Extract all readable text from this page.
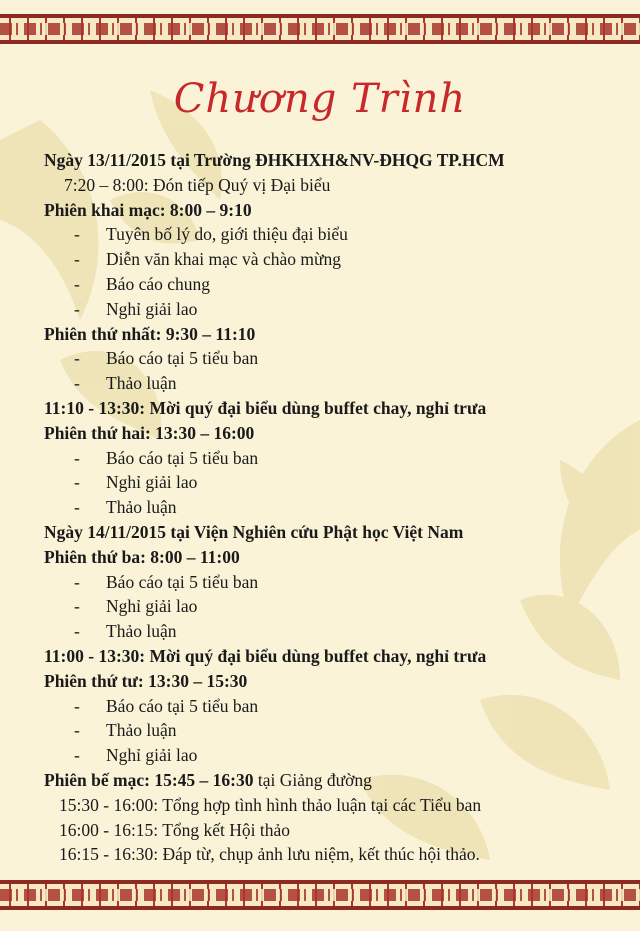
Chương Trình
Ngày 13/11/2015 tại Trường ĐHKHXH&NV-ĐHQG TP.HCM
7:20 – 8:00: Đón tiếp Quý vị Đại biểu
Phiên khai mạc: 8:00 – 9:10
- Tuyên bố lý do, giới thiệu đại biểu
- Diễn văn khai mạc và chào mừng
- Báo cáo chung
- Nghỉ giải lao
Phiên thứ nhất: 9:30 – 11:10
- Báo cáo tại 5 tiểu ban
- Thảo luận
11:10 - 13:30: Mời quý đại biểu dùng buffet chay, nghỉ trưa
Phiên thứ hai: 13:30 – 16:00
- Báo cáo tại 5 tiểu ban
- Nghỉ giải lao
- Thảo luận
Ngày 14/11/2015 tại Viện Nghiên cứu Phật học Việt Nam
Phiên thứ ba: 8:00 – 11:00
- Báo cáo tại 5 tiểu ban
- Nghỉ giải lao
- Thảo luận
11:00 - 13:30: Mời quý đại biểu dùng buffet chay, nghỉ trưa
Phiên thứ tư: 13:30 – 15:30
- Báo cáo tại 5 tiểu ban
- Thảo luận
- Nghỉ giải lao
Phiên bế mạc: 15:45 – 16:30 tại Giảng đường
15:30 - 16:00: Tổng hợp tình hình thảo luận tại các Tiểu ban
16:00 - 16:15: Tổng kết Hội thảo
16:15 - 16:30: Đáp từ, chụp ảnh lưu niệm, kết thúc hội thảo.
